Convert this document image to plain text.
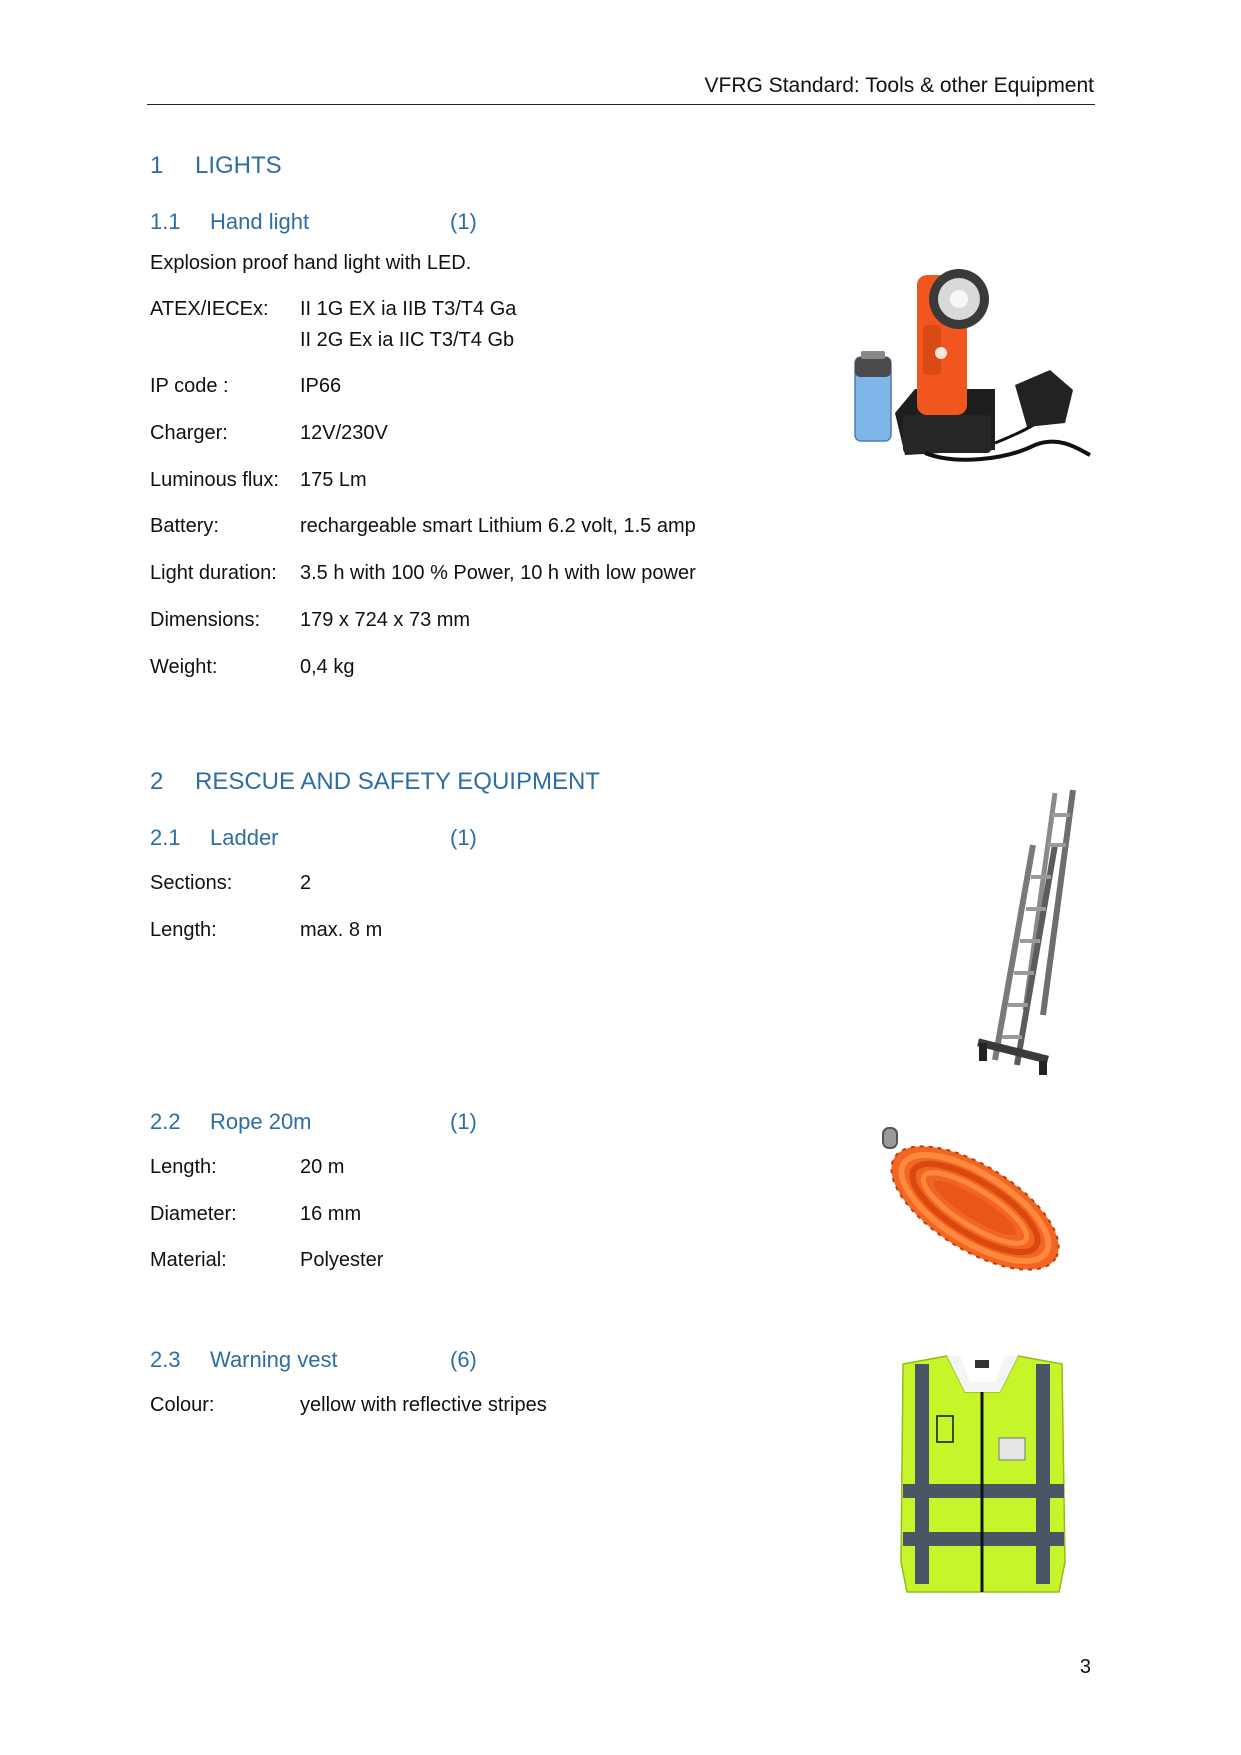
VFRG Standard: Tools & other Equipment
1 LIGHTS
1.1 Hand light	(1)
Explosion proof hand light with LED.
ATEX/IECEx: II 1G EX ia IIB T3/T4 Ga
II 2G Ex ia IIC T3/T4 Gb
IP code :	IP66
Charger:	12V/230V
Luminous flux: 175 Lm
Battery:	rechargeable smart Lithium 6.2 volt, 1.5 amp
Light duration: 3.5 h with 100 % Power, 10 h with low power
Dimensions: 179 x 724 x 73 mm
Weight:	0,4 kg
2 RESCUE AND SAFETY EQUIPMENT
2.1 Ladder	(1)
Sections:	2
Length:	max. 8 m
2.2 Rope 20m	(1)
Length:	20 m
Diameter:	16 mm
Material:	Polyester
2.3 Warning vest	(6)
Colour:	yellow with reflective stripes
3
